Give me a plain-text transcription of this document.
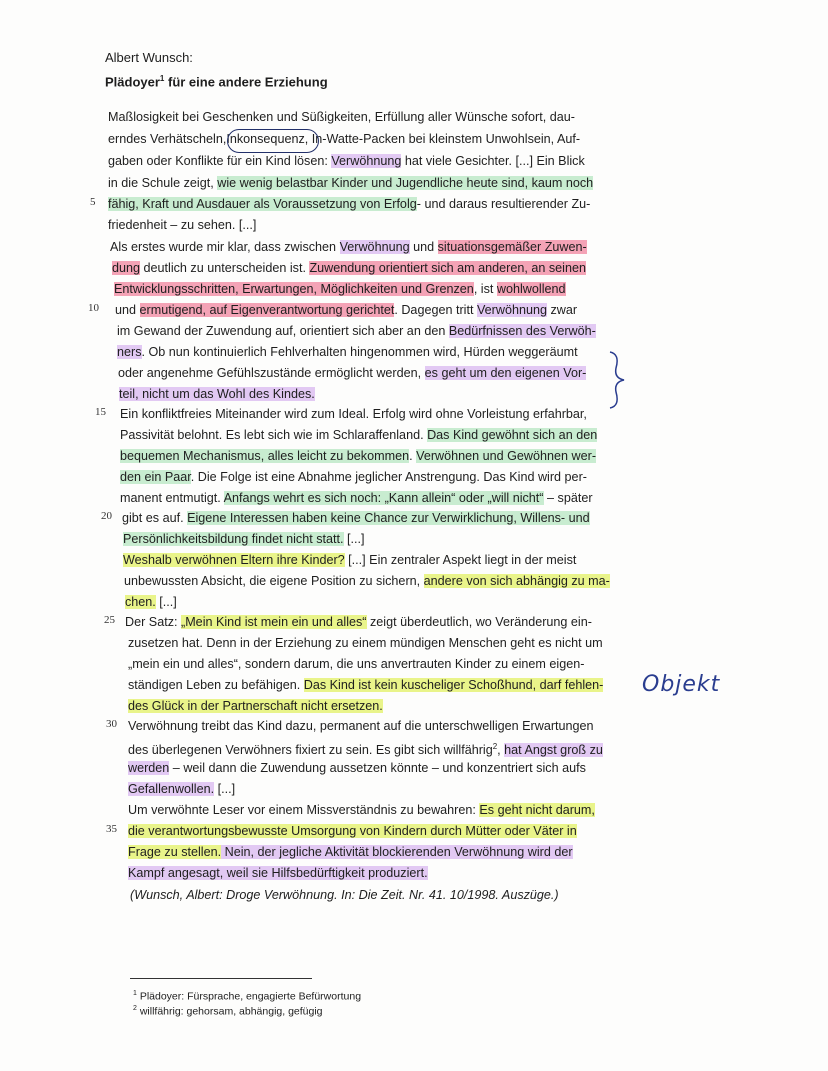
Albert Wunsch:
Plädoyer$^1$ für eine andere Erziehung
Maßlosigkeit bei Geschenken und Süßigkeiten, Erfüllung aller Wünsche sofort, dau-
erndes Verhätscheln,Inkonsequenz, In-Watte-Packen bei kleinstem Unwohlsein, Auf-
gaben oder Konflikte für ein Kind lösen: Verwöhnung hat viele Gesichter. [...] Ein Blick
in die Schule zeigt, wie wenig belastbar Kinder und Jugendliche heute sind, kaum noch
5 fähig, Kraft und Ausdauer als Voraussetzung von Erfolg- und daraus resultierender Zu-
friedenheit – zu sehen. [...]
Als erstes wurde mir klar, dass zwischen Verwöhnung und situationsgemäßer Zuwen-
dung deutlich zu unterscheiden ist. Zuwendung orientiert sich am anderen, an seinen
Entwicklungsschritten, Erwartungen, Möglichkeiten und Grenzen, ist wohlwollend
10 und ermutigend, auf Eigenverantwortung gerichtet. Dagegen tritt Verwöhnung zwar
im Gewand der Zuwendung auf, orientiert sich aber an den Bedürfnissen des Verwöh-
ners. Ob nun kontinuierlich Fehlverhalten hingenommen wird, Hürden weggeräumt
oder angenehme Gefühlszustände ermöglicht werden, es geht um den eigenen Vor-
teil, nicht um das Wohl des Kindes.
15 Ein konfliktfreies Miteinander wird zum Ideal. Erfolg wird ohne Vorleistung erfahrbar,
Passivität belohnt. Es lebt sich wie im Schlaraffenland. Das Kind gewöhnt sich an den
bequemen Mechanismus, alles leicht zu bekommen. Verwöhnen und Gewöhnen wer-
den ein Paar. Die Folge ist eine Abnahme jeglicher Anstrengung. Das Kind wird per-
manent entmutigt. Anfangs wehrt es sich noch: „Kann allein“ oder „will nicht“ – später
20 gibt es auf. Eigene Interessen haben keine Chance zur Verwirklichung, Willens- und
Persönlichkeitsbildung findet nicht statt. [...]
Weshalb verwöhnen Eltern ihre Kinder? [...] Ein zentraler Aspekt liegt in der meist
unbewussten Absicht, die eigene Position zu sichern, andere von sich abhängig zu ma-
chen. [...]
25 Der Satz: „Mein Kind ist mein ein und alles“ zeigt überdeutlich, wo Veränderung ein-
zusetzen hat. Denn in der Erziehung zu einem mündigen Menschen geht es nicht um
„mein ein und alles“, sondern darum, die uns anvertrauten Kinder zu einem eigen-
ständigen Leben zu befähigen. Das Kind ist kein kuscheliger Schoßhund, darf fehlen-	Objekt
des Glück in der Partnerschaft nicht ersetzen.
30 Verwöhnung treibt das Kind dazu, permanent auf die unterschwelligen Erwartungen
des überlegenen Verwöhners fixiert zu sein. Es gibt sich willfährig$^2$, hat Angst groß zu
werden – weil dann die Zuwendung aussetzen könnte – und konzentriert sich aufs
Gefallenwollen. [...]
Um verwöhnte Leser vor einem Missverständnis zu bewahren: Es geht nicht darum,
35 die verantwortungsbewusste Umsorgung von Kindern durch Mütter oder Väter in
Frage zu stellen. Nein, der jegliche Aktivität blockierenden Verwöhnung wird der
Kampf angesagt, weil sie Hilfsbedürftigkeit produziert.
(Wunsch, Albert: Droge Verwöhnung. In: Die Zeit. Nr. 41. 10/1998. Auszüge.)
$^1$ Plädoyer: Fürsprache, engagierte Befürwortung
$^2$ willfährig: gehorsam, abhängig, gefügig
